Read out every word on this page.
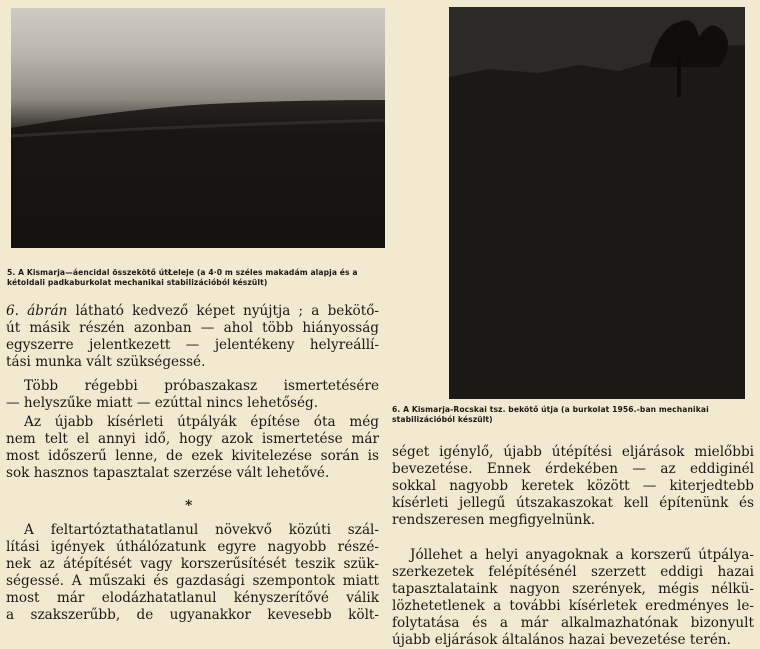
5. A Kismarja—áencidal összekötő útŁeleje (a 4·0 m széles makadám alapja és a kétoldali padkaburkolat mechanikai stabilizációból készült)
6. A Kismarja-Rocskai tsz. bekötő útja (a burkolat 1956.-ban mechanikai stabilizációból készült)
6. ábrán látható kedvező képet nyújtja ; a bekötő-
út másik részén azonban — ahol több hiányosság
egyszerre jelentkezett — jelentékeny helyreállí-
tási munka vált szükségessé.
Több régebbi próbaszakasz ismertetésére
— helyszűke miatt — ezúttal nincs lehetőség.
Az újabb kísérleti útpályák építése óta még
nem telt el annyi idő, hogy azok ismertetése már
most időszerű lenne, de ezek kivitelezése során is
sok hasznos tapasztalat szerzése vált lehetővé.
*
A feltartóztathatatlanul növekvő közúti szál-
lítási igények úthálózatunk egyre nagyobb részé-
nek az átépítését vagy korszerűsítését teszik szük-
ségessé. A műszaki és gazdasági szempontok miatt
most már elodázhatatlanul kényszerítővé válik
a szakszerűbb, de ugyanakkor kevesebb költ-
séget igénylő, újabb útépítési eljárások mielőbbi
bevezetése. Ennek érdekében — az eddiginél
sokkal nagyobb keretek között — kiterjedtebb
kísérleti jellegű útszakaszokat kell építenünk és
rendszeresen megfigyelnünk.
Jóllehet a helyi anyagoknak a korszerű útpálya-
szerkezetek felépítésénél szerzett eddigi hazai
tapasztalataink nagyon szerények, mégis nélkü-
lözhetetlenek a további kísérletek eredményes le-
folytatása és a már alkalmazhatónak bizonyult
újabb eljárások általános hazai bevezetése terén.
